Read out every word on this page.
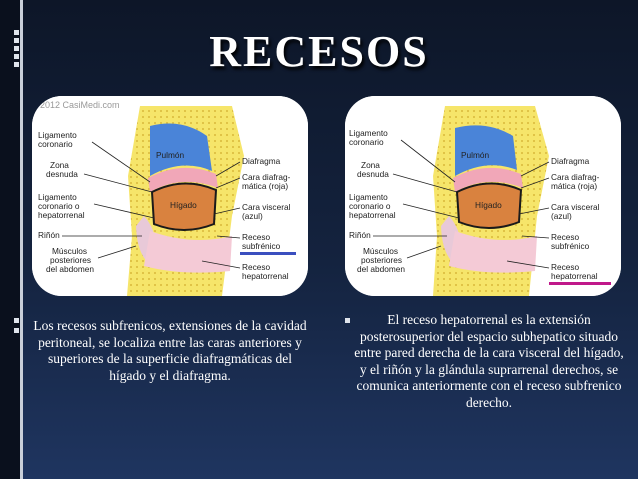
RECESOS
2012 CasiMedi.com
Ligamento coronario
Zona desnuda
Ligamento coronario o hepatorrenal
Riñón
Músculos posteriores del abdomen
Pulmón
Hígado
Diafragma
Cara diafrag-mática (roja)
Cara visceral (azul)
Receso subfrénico
Receso hepatorrenal
Ligamento coronario
Zona desnuda
Ligamento coronario o hepatorrenal
Riñón
Músculos posteriores del abdomen
Pulmón
Hígado
Diafragma
Cara diafrag-mática (roja)
Cara visceral (azul)
Receso subfrénico
Receso hepatorrenal
Los recesos subfrenicos, extensiones de la cavidad peritoneal, se localiza entre las caras anteriores y superiores de la superficie diafragmáticas del hígado y el diafragma.
El receso hepatorrenal es la extensión posterosuperior del espacio subhepatico situado entre pared derecha de la cara visceral del hígado, y el riñón y la glándula suprarrenal derechos, se comunica anteriormente con el receso subfrenico derecho.
